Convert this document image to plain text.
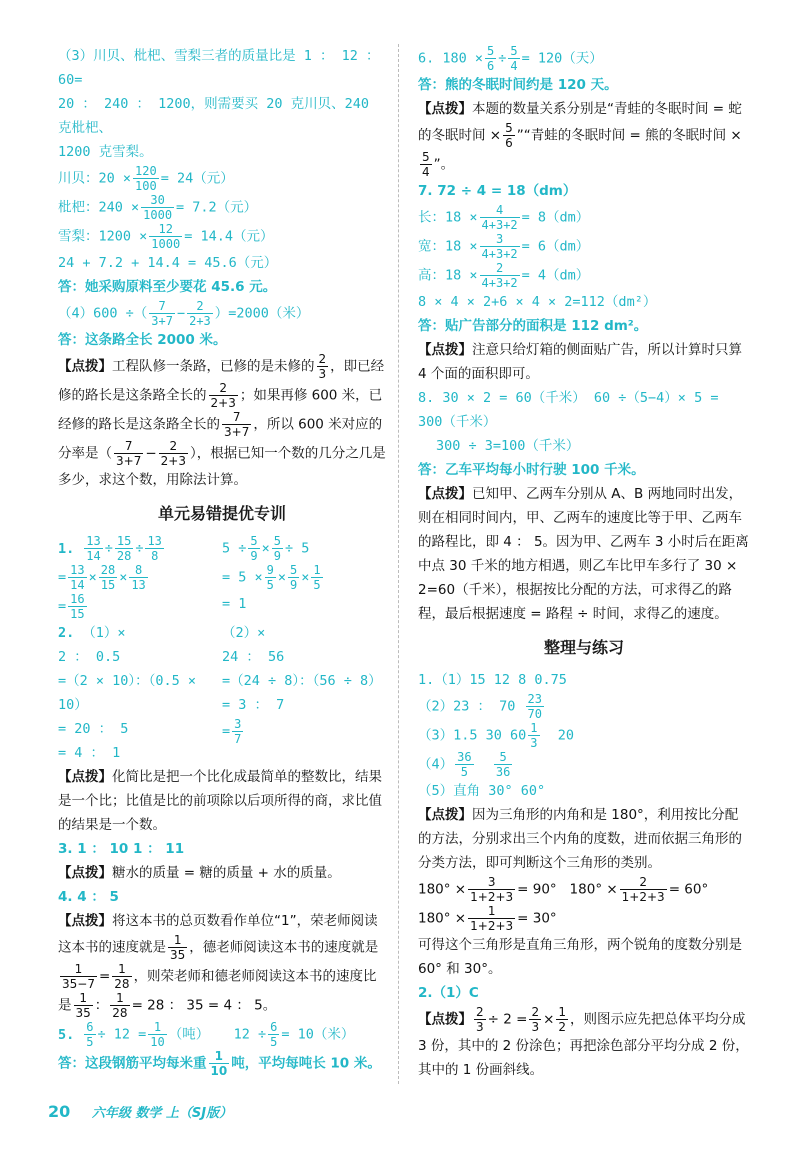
（3）川贝、枇杷、雪梨三者的质量比是 1 ： 12 ： 60=
20 ： 240 ： 1200，则需要买 20 克川贝、240 克枇杷、
1200 克雪梨。
川贝：$20 \times \frac{120}{100} = 24$（元）
枇杷：$240 \times \frac{30}{1000} = 7.2$（元）
雪梨：$1200 \times \frac{12}{1000} = 14.4$（元）
24 + 7.2 + 14.4 = 45.6（元）
答：她采购原料至少要花 45.6 元。
（4）600 ÷（ $\frac{7}{3+7} - \frac{2}{2+3} )=2000$（米）
答：这条路全长 2000 米。
【点拨】工程队修一条路，已修的是未修的 $\frac{2}{3}$ ，即已经修的路长是这条路全长的 $\frac{2}{2+3}$ ；如果再修 600 米，已经修的路长是这条路全长的 $\frac{7}{3+7}$ ，所以 600 米对应的分率是（ $\frac{7}{3+7} - \frac{2}{2+3}$ ），根据已知一个数的几分之几是多少，求这个数，用除法计算。
单元易错提优专训
1. $\frac{13}{14} \div \frac{15}{28} \div \frac{13}{8}$

= $\frac{13}{14} \times \frac{28}{15} \times \frac{8}{13}$

= $\frac{16}{15}$
$5 \div \frac{5}{9} \times \frac{5}{9} \div 5$
= $5 \times \frac{9}{5} \times \frac{5}{9} \times \frac{1}{5}$

= 1
2. （1）×
2 ： 0.5
=（2 × 10）：（0.5 × 10）
= 20 ： 5
= 4 ： 1
（2）×
24 ： 56
=（24 ÷ 8）：（56 ÷ 8）
= 3 ： 7
= $\frac{3}{7}$
【点拨】化简比是把一个比化成最简单的整数比，结果是一个比；比值是比的前项除以后项所得的商，求比值的结果是一个数。
3. 1 ： 10 1 ： 11
【点拨】糖水的质量 = 糖的质量 + 水的质量。
4. 4 ： 5
【点拨】将这本书的总页数看作单位“1”，荣老师阅读这本书的速度就是 $\frac{1}{35}$ ，德老师阅读这本书的速度就是
$\frac{1}{35-7} = \frac{1}{28}$ ，则荣老师和德老师阅读这本书的速度比是 $\frac{1}{35}$ ： $\frac{1}{28} = 28$ ： 35 = 4 ： 5。
5. $\frac{6}{5} \div 12 = \frac{1}{10}$ （吨）   $12 \div \frac{6}{5} = 10$（米）
答：这段钢筋平均每米重 $\frac{1}{10}$ 吨，平均每吨长 10 米。
6. $180 \times \frac{5}{6} \div \frac{5}{4} = 120$（天）
答：熊的冬眠时间约是 120 天。
【点拨】本题的数量关系分别是“青蛙的冬眠时间 = 蛇的冬眠时间 × $\frac{5}{6}$ ”“青蛙的冬眠时间 = 熊的冬眠时间 ×
$\frac{5}{4}$ ”。
7. 72 ÷ 4 = 18（dm）
长：$18 \times \frac{4}{4+3+2} = 8(dm)$
宽：$18 \times \frac{3}{4+3+2} = 6(dm)$
高：$18 \times \frac{2}{4+3+2} = 4(dm)$
8 × 4 × 2+6 × 4 × 2=112（dm²）
答：贴广告部分的面积是 112 dm²。
【点拨】注意只给灯箱的侧面贴广告，所以计算时只算 4 个面的面积即可。
8. 30 × 2 = 60（千米） 60 ÷（5−4）× 5 = 300（千米）
300 ÷ 3=100（千米）
答：乙车平均每小时行驶 100 千米。
【点拨】已知甲、乙两车分别从 A、B 两地同时出发，则在相同时间内，甲、乙两车的速度比等于甲、乙两车的路程比，即 4 ： 5。因为甲、乙两车 3 小时后在距离中点 30 千米的地方相遇，则乙车比甲车多行了 30 × 2=60（千米），根据按比分配的方法，可求得乙的路程，最后根据速度 = 路程 ÷ 时间，求得乙的速度。
整理与练习
1.（1）15 12 8 0.75
（2）23 ： $70 \frac{23}{70}$
（3）1.5 30 $60 \frac{1}{3} 20$
$(4) \frac{36}{5}$
$\frac{5}{36}$
（5）直角 30° 60°
【点拨】因为三角形的内角和是 180°，利用按比分配的方法，分别求出三个内角的度数，进而依据三角形的分类方法，即可判断这个三角形的类别。
$180^\circ \times \frac{3}{1+2+3} = 90^\circ$ $180^\circ \times \frac{2}{1+2+3} = 60^\circ$
$180^\circ \times \frac{1}{1+2+3} = 30^\circ$
可得这个三角形是直角三角形，两个锐角的度数分别是 60° 和 30°。
2.（1）C
【点拨】 $\frac{2}{3} \div 2 = \frac{2}{3} \times \frac{1}{2}$ ，则图示应先把总体平均分成 3 份，其中的 2 份涂色；再把涂色部分平均分成 2 份，其中的 1 份画斜线。
20 六年级 数学 上（SJ版）
